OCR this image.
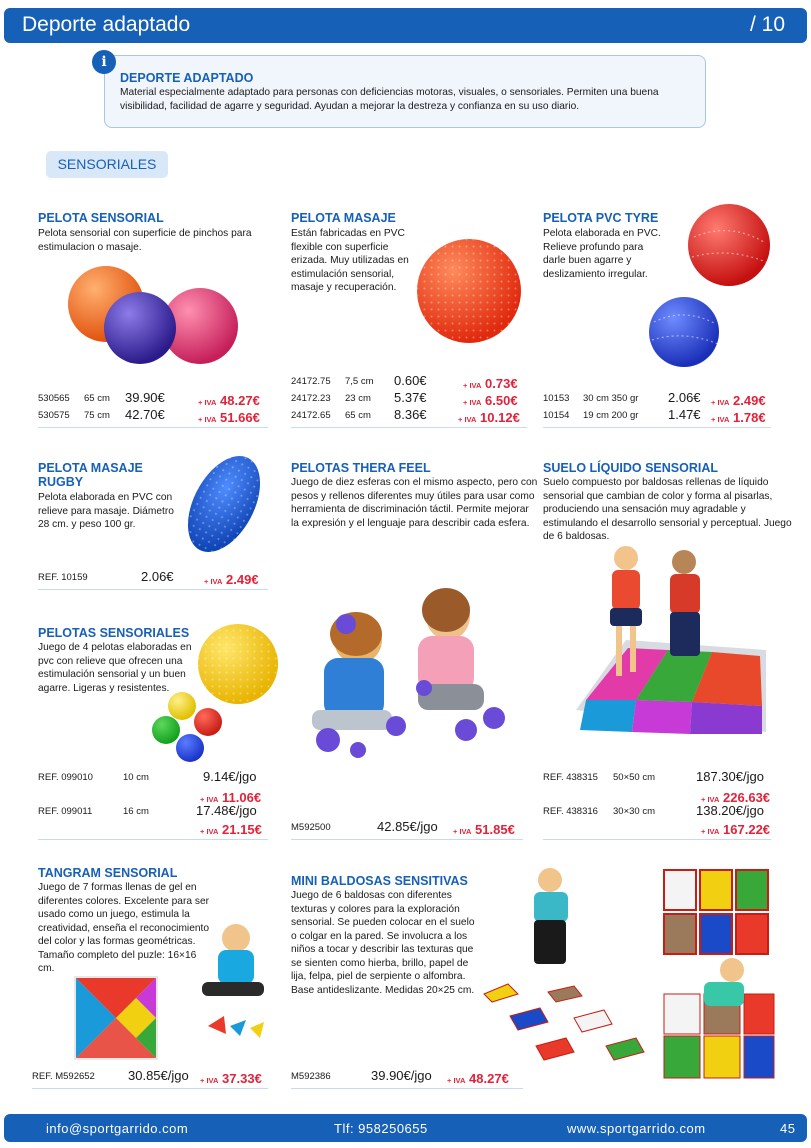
Deporte adaptado	/ 10
i
DEPORTE ADAPTADO
Material especialmente adaptado para personas con deficiencias motoras, visuales, o sensoriales. Permiten una buena visibilidad, facilidad de agarre y seguridad. Ayudan a mejorar la destreza y confianza en su uso diario.
SENSORIALES
PELOTA SENSORIAL
Pelota sensorial con superficie de pinchos para estimulacion o masaje.
530565 65 cm 39.90€	+ IVA 48.27€
530575 75 cm 42.70€	+ IVA 51.66€
PELOTA MASAJE
Están fabricadas en PVC flexible con superficie erizada. Muy utilizadas en estimulación sensorial, masaje y recuperación.
24172.75 7,5 cm 0.60€	+ IVA 0.73€
24172.23 23 cm 5.37€	+ IVA 6.50€
24172.65 65 cm 8.36€	+ IVA 10.12€
PELOTA PVC TYRE
Pelota elaborada en PVC. Relieve profundo para darle buen agarre y deslizamiento irregular.
10153 30 cm 350 gr 2.06€ + IVA 2.49€
10154 19 cm 200 gr 1.47€ + IVA 1.78€
PELOTA MASAJE RUGBY
Pelota elaborada en PVC con relieve para masaje. Diámetro 28 cm. y peso 100 gr.
REF. 10159	2.06€	+ IVA 2.49€
PELOTAS THERA FEEL
Juego de diez esferas con el mismo aspecto, pero con pesos y rellenos diferentes muy útiles para usar como herramienta de discriminación táctil. Permite mejorar la expresión y el lenguaje para describir cada esfera.
M592500	42.85€/jgo + IVA 51.85€
SUELO LÍQUIDO SENSORIAL
Suelo compuesto por baldosas rellenas de líquido sensorial que cambian de color y forma al pisarlas, produciendo una sensación muy agradable y estimulando el desarrollo sensorial y perceptual. Juego de 6 baldosas.
REF. 438315 50×50 cm	187.30€/jgo
+ IVA 226.63€
REF. 438316 30×30 cm	138.20€/jgo
+ IVA 167.22€
PELOTAS SENSORIALES
Juego de 4 pelotas elaboradas en pvc con relieve que ofrecen una estimulación sensorial y un buen agarre. Ligeras y resistentes.
REF. 099010	10 cm	9.14€/jgo
+ IVA 11.06€
REF. 099011	16 cm	17.48€/jgo
+ IVA 21.15€
TANGRAM SENSORIAL
Juego de 7 formas llenas de gel en diferentes colores. Excelente para ser usado como un juego, estimula la creatividad, enseña el reconocimiento del color y las formas geométricas. Tamaño completo del puzle: 16×16 cm.
REF. M592652	30.85€/jgo + IVA 37.33€
MINI BALDOSAS SENSITIVAS
Juego de 6 baldosas con diferentes texturas y colores para la exploración sensorial. Se pueden colocar en el suelo o colgar en la pared. Se involucra a los niños a tocar y describir las texturas que se sienten como hierba, brillo, papel de lija, felpa, piel de serpiente o alfombra. Base antideslizante. Medidas 20×25 cm.
M592386	39.90€/jgo + IVA 48.27€
info@sportgarrido.com	Tlf: 958250655	www.sportgarrido.com	45
